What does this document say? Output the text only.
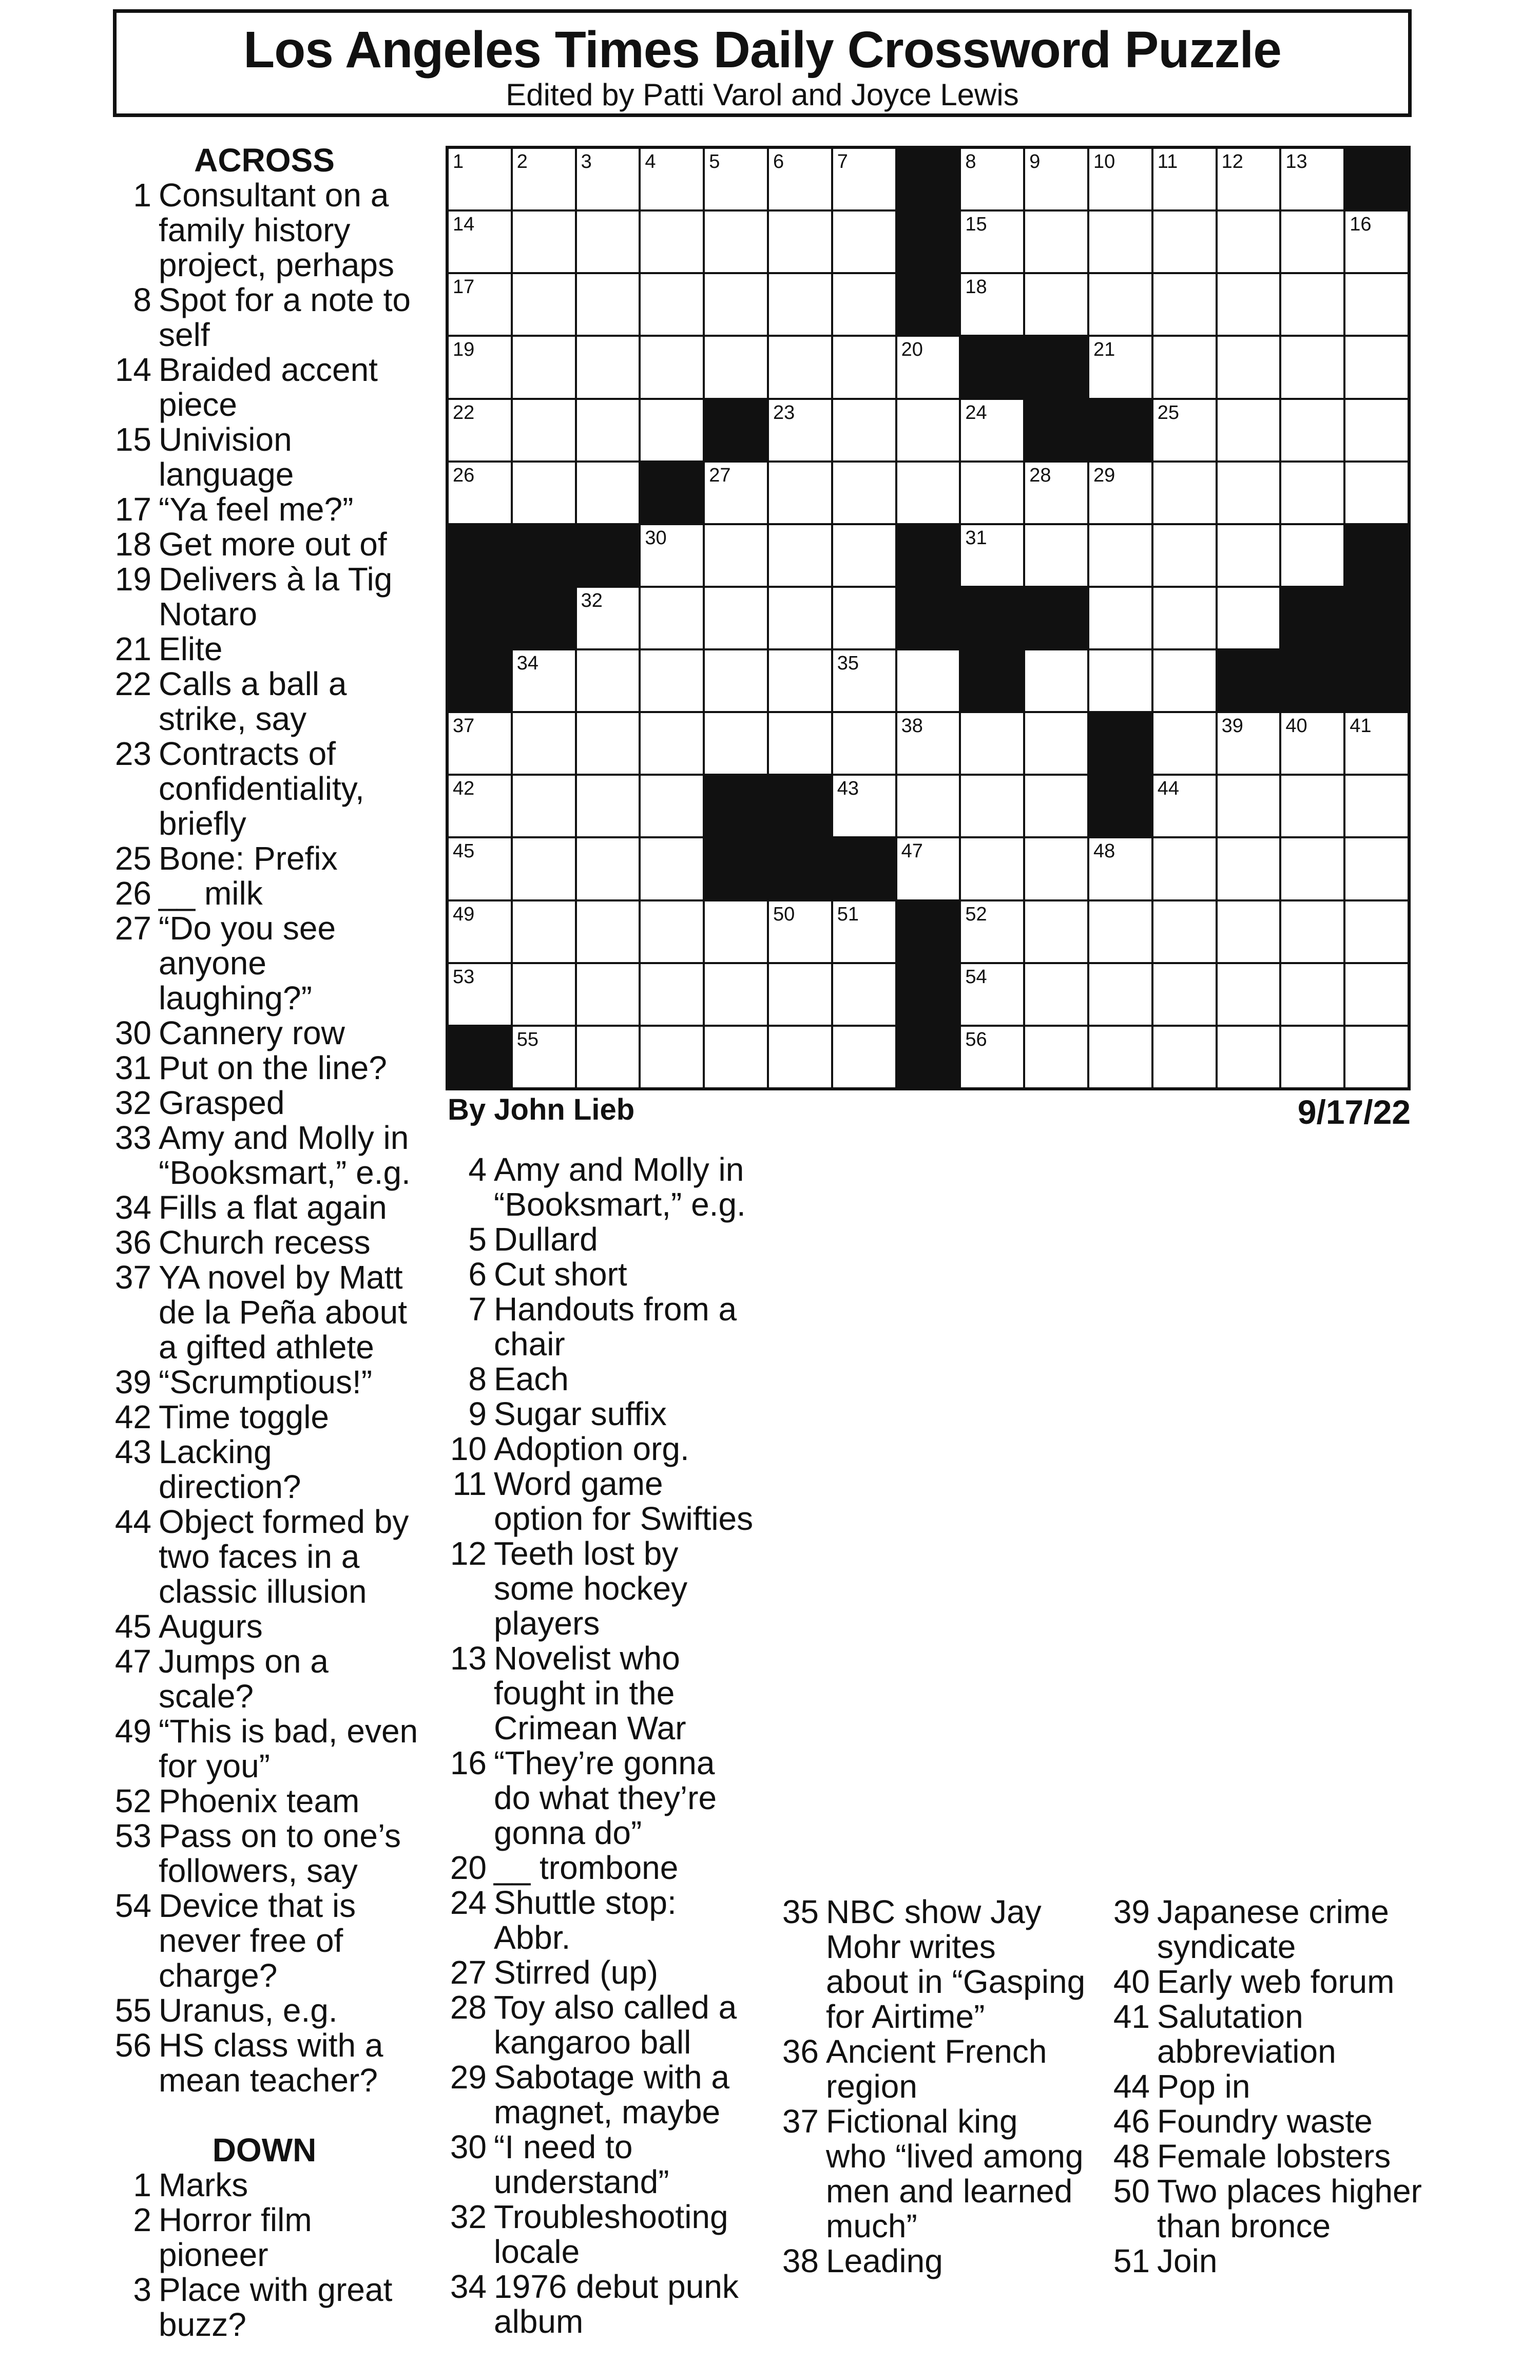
Los Angeles Times Daily Crossword Puzzle
Edited by Patti Varol and Joyce Lewis
ACROSS
1 Consultant on a family history project, perhaps
8 Spot for a note to self
14 Braided accent piece
15 Univision language
17 “Ya feel me?”
18 Get more out of
19 Delivers à la Tig Notaro
21 Elite
22 Calls a ball a strike, say
23 Contracts of confidentiality, briefly
25 Bone: Prefix
26 __ milk
27 “Do you see anyone laughing?”
30 Cannery row
31 Put on the line?
32 Grasped
33 Amy and Molly in “Booksmart,” e.g.
34 Fills a flat again
36 Church recess
37 YA novel by Matt de la Peña about a gifted athlete
39 “Scrumptious!”
42 Time toggle
43 Lacking direction?
44 Object formed by two faces in a classic illusion
45 Augurs
47 Jumps on a scale?
49 “This is bad, even for you”
52 Phoenix team
53 Pass on to one’s followers, say
54 Device that is never free of charge?
55 Uranus, e.g.
56 HS class with a mean teacher?
DOWN
1 Marks
2 Horror film pioneer
3 Place with great buzz?
1	2	3	4	5	6	7	8	9	10 11 12 13
14	15	16
17	18
19	20	21
22	23	24	25
26	27	28 29
30	31
32
34	35
37	38	39 40 41
42	43	44
45	47	48
49	50 51	52
53	54
55	56
By John Lieb	9/17/22
4 Amy and Molly in “Booksmart,” e.g.
5 Dullard
6 Cut short
7 Handouts from a chair
8 Each
9 Sugar suffix
10 Adoption org.
11 Word game option for Swifties
12 Teeth lost by some hockey players
13 Novelist who fought in the Crimean War
16 “They’re gonna do what they’re gonna do”
20 __ trombone
24 Shuttle stop: Abbr.
27 Stirred (up)
28 Toy also called a kangaroo ball
29 Sabotage with a magnet, maybe
30 “I need to understand”
32 Troubleshooting locale
34 1976 debut punk album
35 NBC show Jay Mohr writes about in “Gasping for Airtime”
36 Ancient French region
37 Fictional king who “lived among men and learned much”
38 Leading
39 Japanese crime syndicate
40 Early web forum
41 Salutation abbreviation
44 Pop in
46 Foundry waste
48 Female lobsters
50 Two places higher than bronce
51 Join
